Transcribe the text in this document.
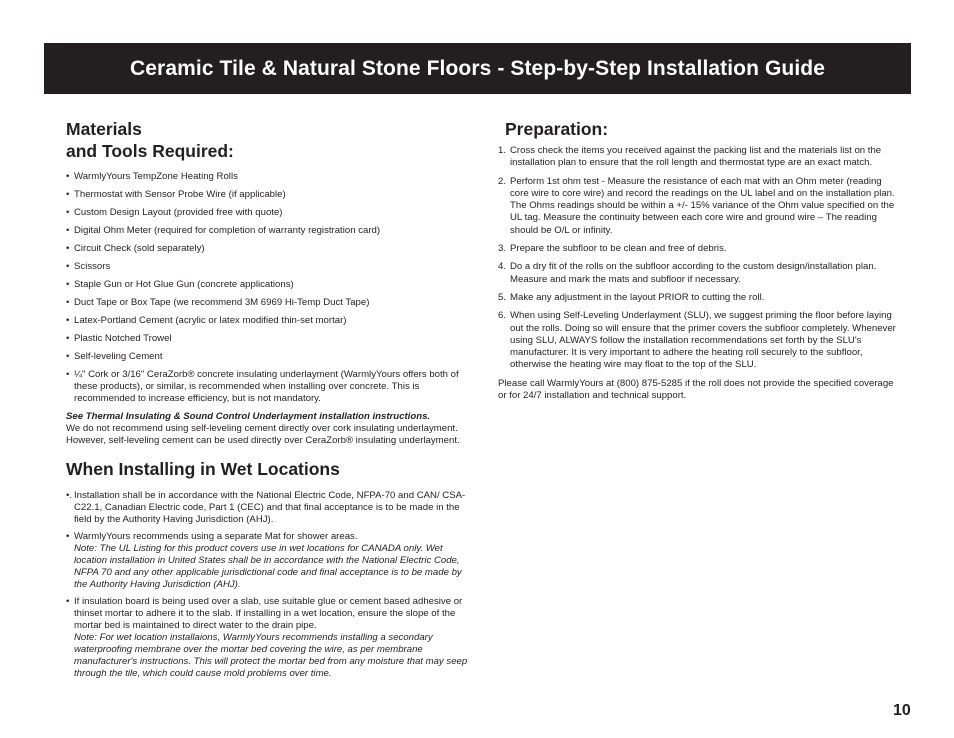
Ceramic Tile & Natural Stone Floors - Step-by-Step Installation Guide
Materials
and Tools Required:
• WarmlyYours TempZone Heating Rolls
• Thermostat with Sensor Probe Wire (if applicable)
• Custom Design Layout (provided free with quote)
• Digital Ohm Meter (required for completion of warranty registration card)
• Circuit Check (sold separately)
• Scissors
• Staple Gun or Hot Glue Gun (concrete applications)
• Duct Tape or Box Tape (we recommend 3M 6969 Hi-Temp Duct Tape)
• Latex-Portland Cement (acrylic or latex modified thin-set mortar)
• Plastic Notched Trowel
• Self-leveling Cement
• ¼" Cork or 3/16" CeraZorb® concrete insulating underlayment (WarmlyYours offers both of these products), or similar, is recommended when installing over concrete. This is recommended to increase efficiency, but is not mandatory.

See Thermal Insulating & Sound Control Underlayment installation instructions.

We do not recommend using self-leveling cement directly over cork insulating underlayment. However, self-leveling cement can be used directly over CeraZorb® insulating underlayment.

When Installing in Wet Locations
•. Installation shall be in accordance with the National Electric Code, NFPA-70 and CAN/ CSA- C22.1, Canadian Electric code, Part 1 (CEC) and that final acceptance is to be made in the field by the Authority Having Jurisdiction (AHJ).
• WarmlyYours recommends using a separate Mat for shower areas.
Note: The UL Listing for this product covers use in wet locations for CANADA only. Wet location installation in United States shall be in accordance with the National Electric Code, NFPA 70 and any other applicable jurisdictional code and final acceptance is to be made by the Authority Having Jurisdiction (AHJ).
• If insulation board is being used over a slab, use suitable glue or cement based adhesive or thinset mortar to adhere it to the slab. If installing in a wet location, ensure the slope of the mortar bed is maintained to direct water to the drain pipe.
Note: For wet location installaions, WarmlyYours recommends installing a secondary waterproofing membrane over the mortar bed covering the wire, as per membrane manufacturer's instructions. This will protect the mortar bed from any moisture that may seep through the tile, which could cause mold problems over time.
Preparation:
1. Cross check the items you received against the packing list and the materials list on the installation plan to ensure that the roll length and thermostat type are an exact match.
2. Perform 1st ohm test - Measure the resistance of each mat with an Ohm meter (reading core wire to core wire) and record the readings on the UL label and on the installation plan. The Ohms readings should be within a +/- 15% variance of the Ohm value specified on the UL tag. Measure the continuity between each core wire and ground wire – The reading should be O/L or infinity.
3. Prepare the subfloor to be clean and free of debris.
4. Do a dry fit of the rolls on the subfloor according to the custom design/installation plan. Measure and mark the mats and subfloor if necessary.
5. Make any adjustment in the layout PRIOR to cutting the roll.
6. When using Self-Leveling Underlayment (SLU), we suggest priming the floor before laying out the rolls. Doing so will ensure that the primer covers the subfloor completely. Whenever using SLU, ALWAYS follow the installation recommendations set forth by the SLU's manufacturer. It is very important to adhere the heating roll securely to the subfloor, otherwise the heating wire may float to the top of the SLU.

Please call WarmlyYours at (800) 875-5285 if the roll does not provide the specified coverage or for 24/7 installation and technical support.

10
